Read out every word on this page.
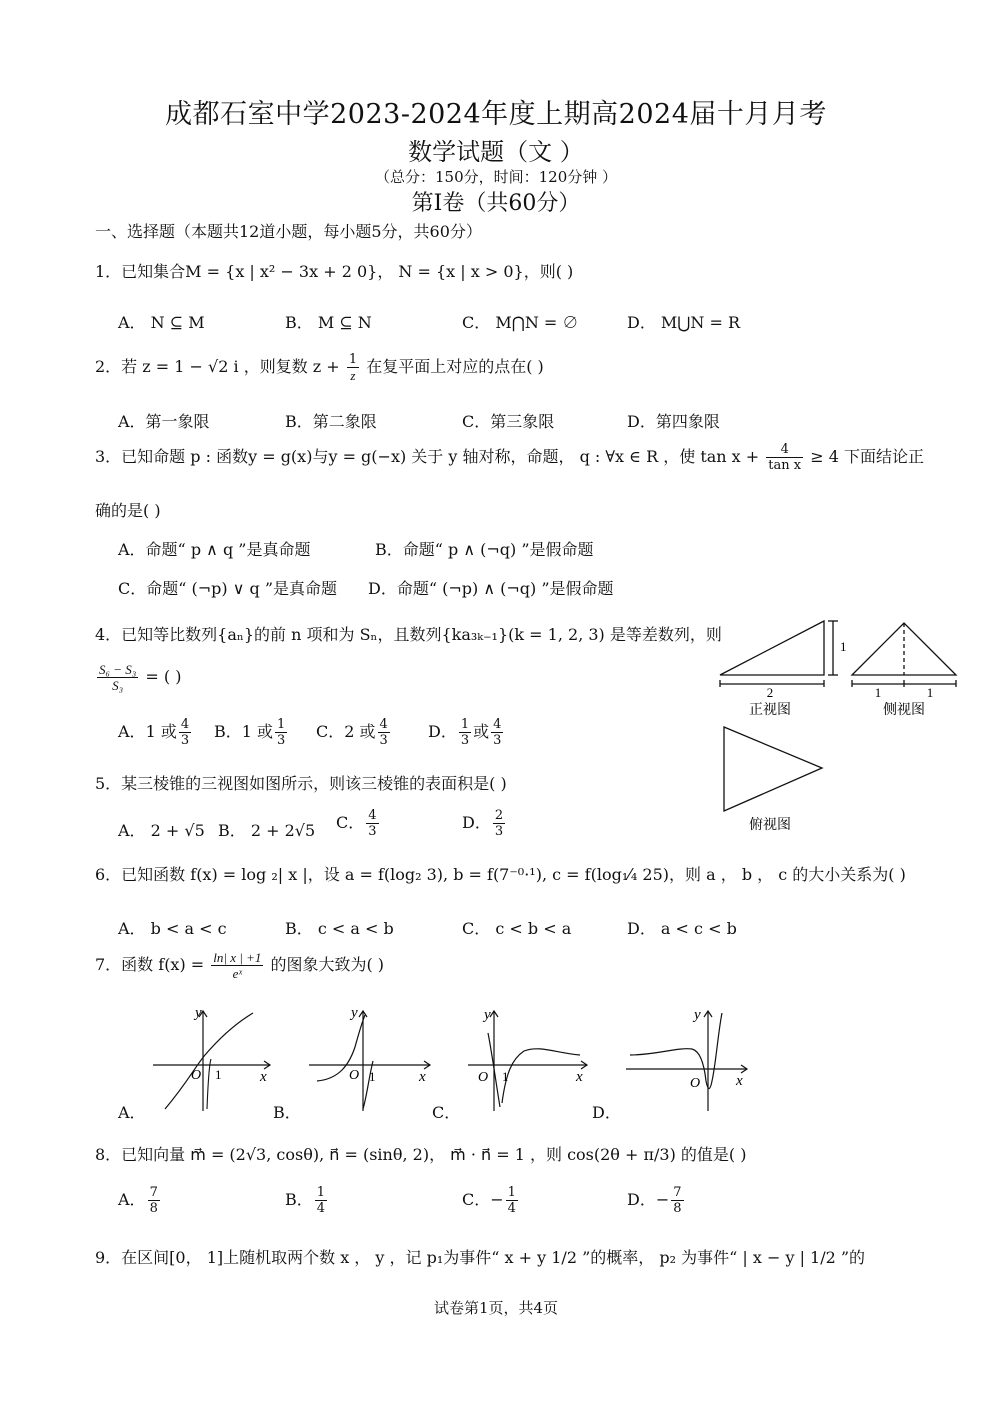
成都石室中学2023-2024年度上期高2024届十月月考
数学试题（文 ）
（总分：150分，时间：120分钟 ）
第Ⅰ卷（共60分）
一、选择题（本题共12道小题，每小题5分，共60分）
1．已知集合M = {x | x² − 3x + 2 0}， N = {x | x > 0}，则( )
A． N ⊆ M	B． M ⊆ N	C． M⋂N = ∅	D． M⋃N = R
2．若 z = 1 − √2 i ，则复数 $z + \frac{1}{z}$ 在复平面上对应的点在( )
A．第一象限	B．第二象限	C．第三象限	D．第四象限
3．已知命题 p : 函数y = g(x)与y = g(−x) 关于 y 轴对称，命题， q : ∀x ∈ R ，使 $\tan x + \frac{4}{\text{tan x}} \ge 4$ 下面结论正
确的是( )
A．命题“ p ∧ q ”是真命题	B．命题“ p ∧ (¬q) ”是假命题
C．命题“ (¬p) ∨ q ”是真命题 D．命题“ (¬p) ∧ (¬q) ”是假命题
4．已知等比数列{aₙ}的前 n 项和为 Sₙ，且数列{ka₃ₖ₋₁}(k = 1, 2, 3) 是等差数列，则
$\frac{\text{S₆ − S₃}}{\text{S₃}}$ = ( )
A．1 或 $\frac{4}{3}$ B．1 或 $\frac{1}{3}$ C．2 或 $\frac{4}{3}$ D． $\frac{1}{3}$ 或 $\frac{4}{3}$
5．某三棱锥的三视图如图所示，则该三棱锥的表面积是( )
A． 2 + √5 B． 2 + 2√5 C． $\frac{4}{3}$	D． $\frac{2}{3}$
2
1
正视图
1	1
侧视图
俯视图
6．已知函数 f(x) = log ₂| x |，设 a = f(log₂ 3), b = f(7⁻⁰·¹), c = f(log₁⁄₄ 25)，则 a ， b ， c 的大小关系为( )
A． b < a < c	B． c < a < b	C． c < b < a	D． a < c < b
7．函数 $f(x) = \frac{\ln| x | +1}{\text{eˣ}}$ 的图象大致为( )
y
x
O 1
A．
y
x
O 1
B．
y
x
O 1
C．
y
x
O
D．
8．已知向量 m⃗ = (2√3, cosθ), n⃗ = (sinθ, 2)， m⃗ · n⃗ = 1 ，则 cos(2θ + π/3) 的值是( )
A． $\frac{7}{8}$	B． $\frac{1}{4}$	C．− $\frac{1}{4}$	D．− $\frac{7}{8}$
9．在区间[0， 1]上随机取两个数 x ， y ，记 p₁为事件“ x + y 1/2 ”的概率， p₂ 为事件“ | x − y | 1/2 ”的
试卷第1页，共4页
